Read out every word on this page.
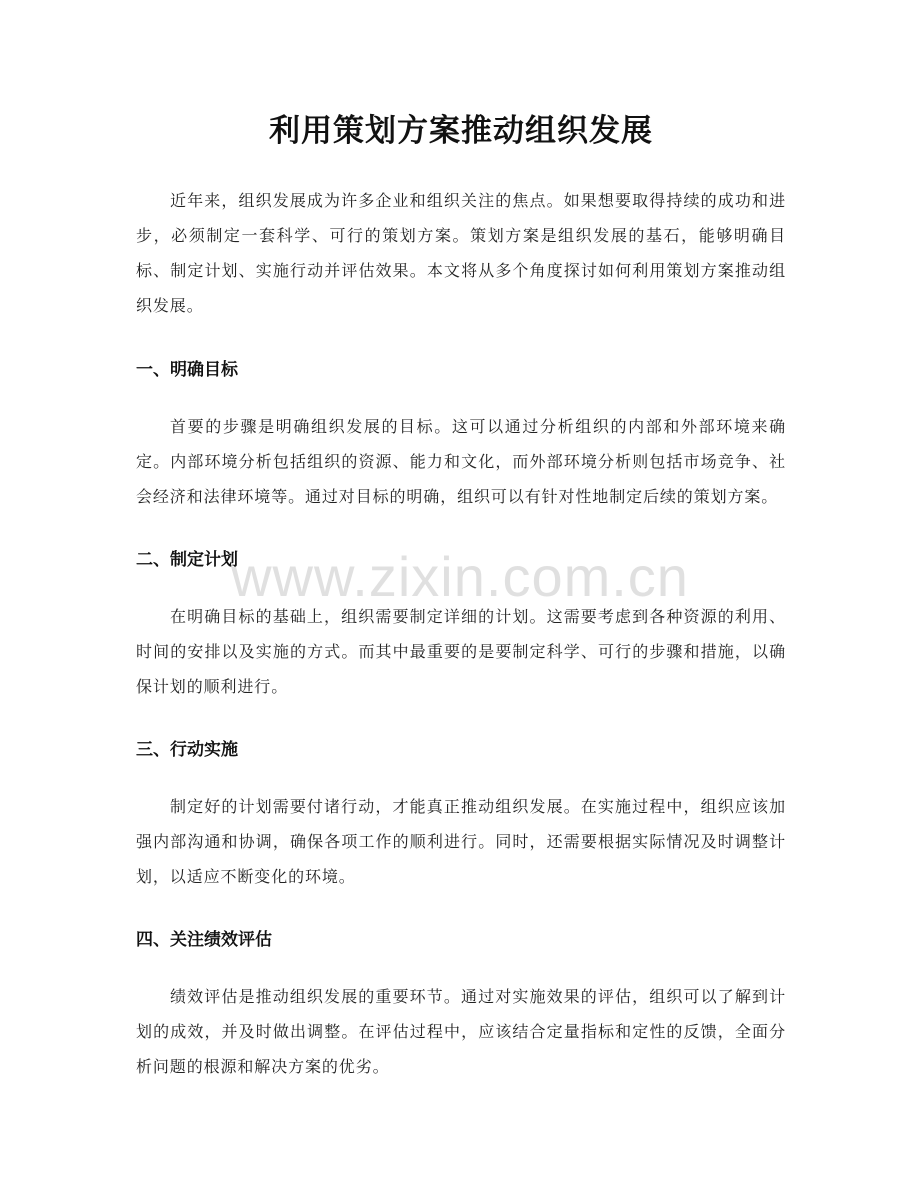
利用策划方案推动组织发展

近年来，组织发展成为许多企业和组织关注的焦点。如果想要取得持续的成功和进步，必须制定一套科学、可行的策划方案。策划方案是组织发展的基石，能够明确目标、制定计划、实施行动并评估效果。本文将从多个角度探讨如何利用策划方案推动组织发展。

一、明确目标

首要的步骤是明确组织发展的目标。这可以通过分析组织的内部和外部环境来确定。内部环境分析包括组织的资源、能力和文化，而外部环境分析则包括市场竞争、社会经济和法律环境等。通过对目标的明确，组织可以有针对性地制定后续的策划方案。

二、制定计划

在明确目标的基础上，组织需要制定详细的计划。这需要考虑到各种资源的利用、时间的安排以及实施的方式。而其中最重要的是要制定科学、可行的步骤和措施，以确保计划的顺利进行。

三、行动实施

制定好的计划需要付诸行动，才能真正推动组织发展。在实施过程中，组织应该加强内部沟通和协调，确保各项工作的顺利进行。同时，还需要根据实际情况及时调整计划，以适应不断变化的环境。

四、关注绩效评估

绩效评估是推动组织发展的重要环节。通过对实施效果的评估，组织可以了解到计划的成效，并及时做出调整。在评估过程中，应该结合定量指标和定性的反馈，全面分析问题的根源和解决方案的优劣。

www.zixin.com.cn
